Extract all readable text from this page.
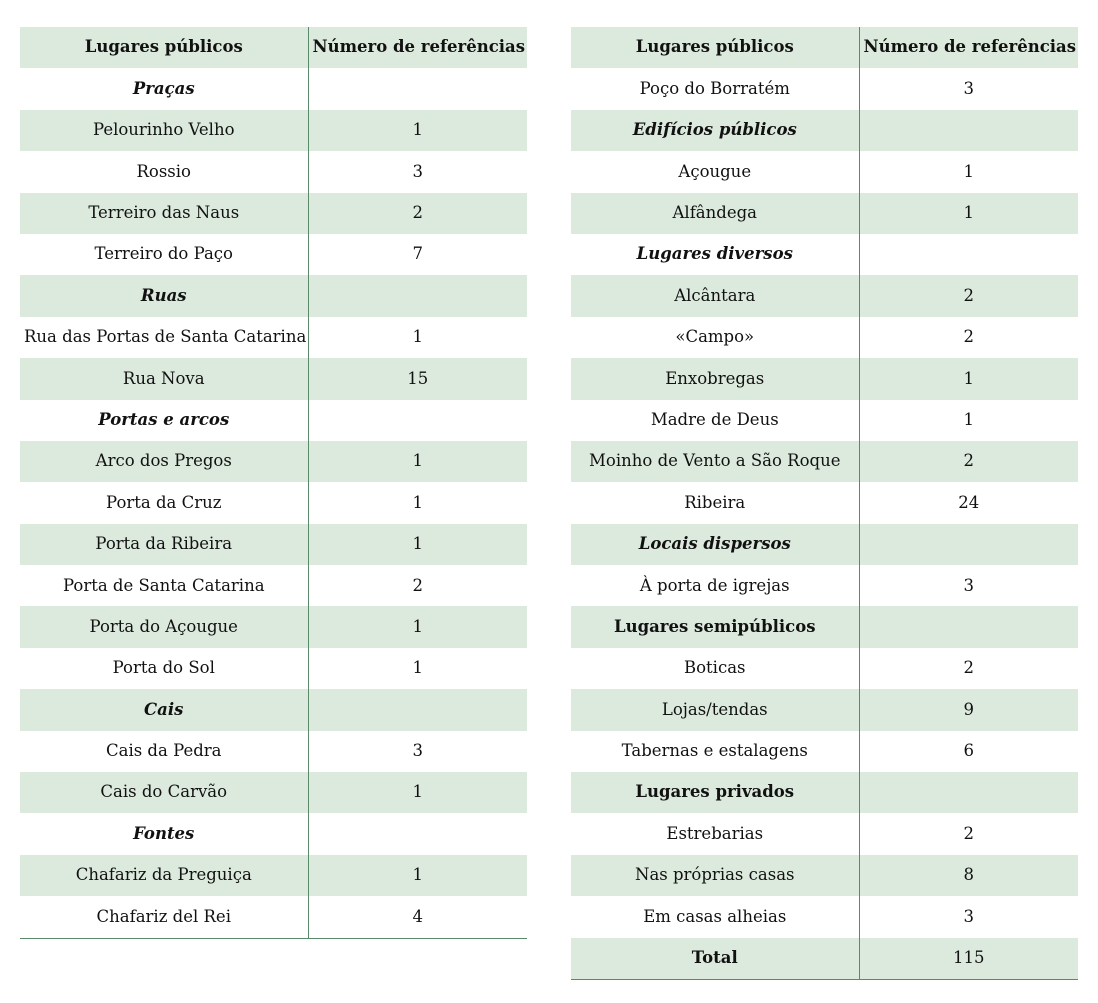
Lugares públicos	Número de referências
Praças	
Pelourinho Velho	1
Rossio	3
Terreiro das Naus	2
Terreiro do Paço	7
Ruas	
Rua das Portas de Santa Catarina	1
Rua Nova	15
Portas e arcos	
Arco dos Pregos	1
Porta da Cruz	1
Porta da Ribeira	1
Porta de Santa Catarina	2
Porta do Açougue	1
Porta do Sol	1
Cais	
Cais da Pedra	3
Cais do Carvão	1
Fontes	
Chafariz da Preguiça	1
Chafariz del Rei	4
Lugares públicos	Número de referências
Poço do Borratém	3
Edifícios públicos	
Açougue	1
Alfândega	1
Lugares diversos	
Alcântara	2
«Campo»	2
Enxobregas	1
Madre de Deus	1
Moinho de Vento a São Roque	2
Ribeira	24
Locais dispersos	
À porta de igrejas	3
Lugares semipúblicos	
Boticas	2
Lojas/tendas	9
Tabernas e estalagens	6
Lugares privados	
Estrebarias	2
Nas próprias casas	8
Em casas alheias	3
Total	115
